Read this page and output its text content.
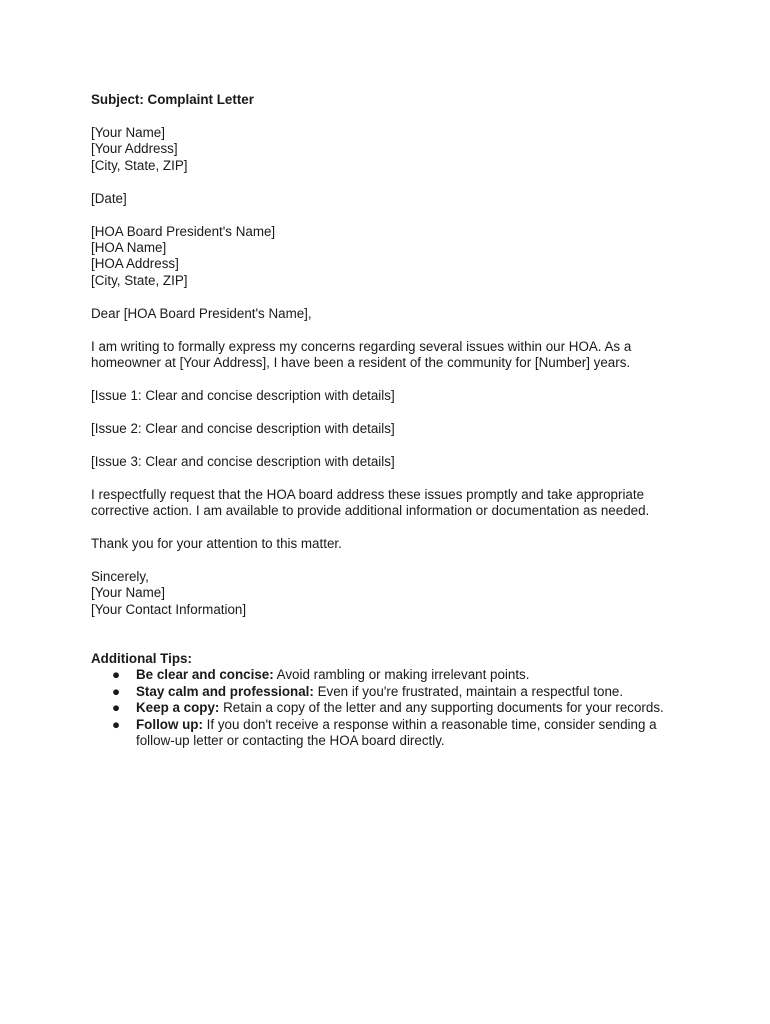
Subject: Complaint Letter
[Your Name]
[Your Address]
[City, State, ZIP]
[Date]
[HOA Board President's Name]
[HOA Name]
[HOA Address]
[City, State, ZIP]
Dear [HOA Board President's Name],
I am writing to formally express my concerns regarding several issues within our HOA. As a
homeowner at [Your Address], I have been a resident of the community for [Number] years.
[Issue 1: Clear and concise description with details]
[Issue 2: Clear and concise description with details]
[Issue 3: Clear and concise description with details]
I respectfully request that the HOA board address these issues promptly and take appropriate
corrective action. I am available to provide additional information or documentation as needed.
Thank you for your attention to this matter.
Sincerely,
[Your Name]
[Your Contact Information]
Additional Tips:
● Be clear and concise: Avoid rambling or making irrelevant points.
● Stay calm and professional: Even if you're frustrated, maintain a respectful tone.
● Keep a copy: Retain a copy of the letter and any supporting documents for your records.
● Follow up: If you don't receive a response within a reasonable time, consider sending a follow-up letter or contacting the HOA board directly.
